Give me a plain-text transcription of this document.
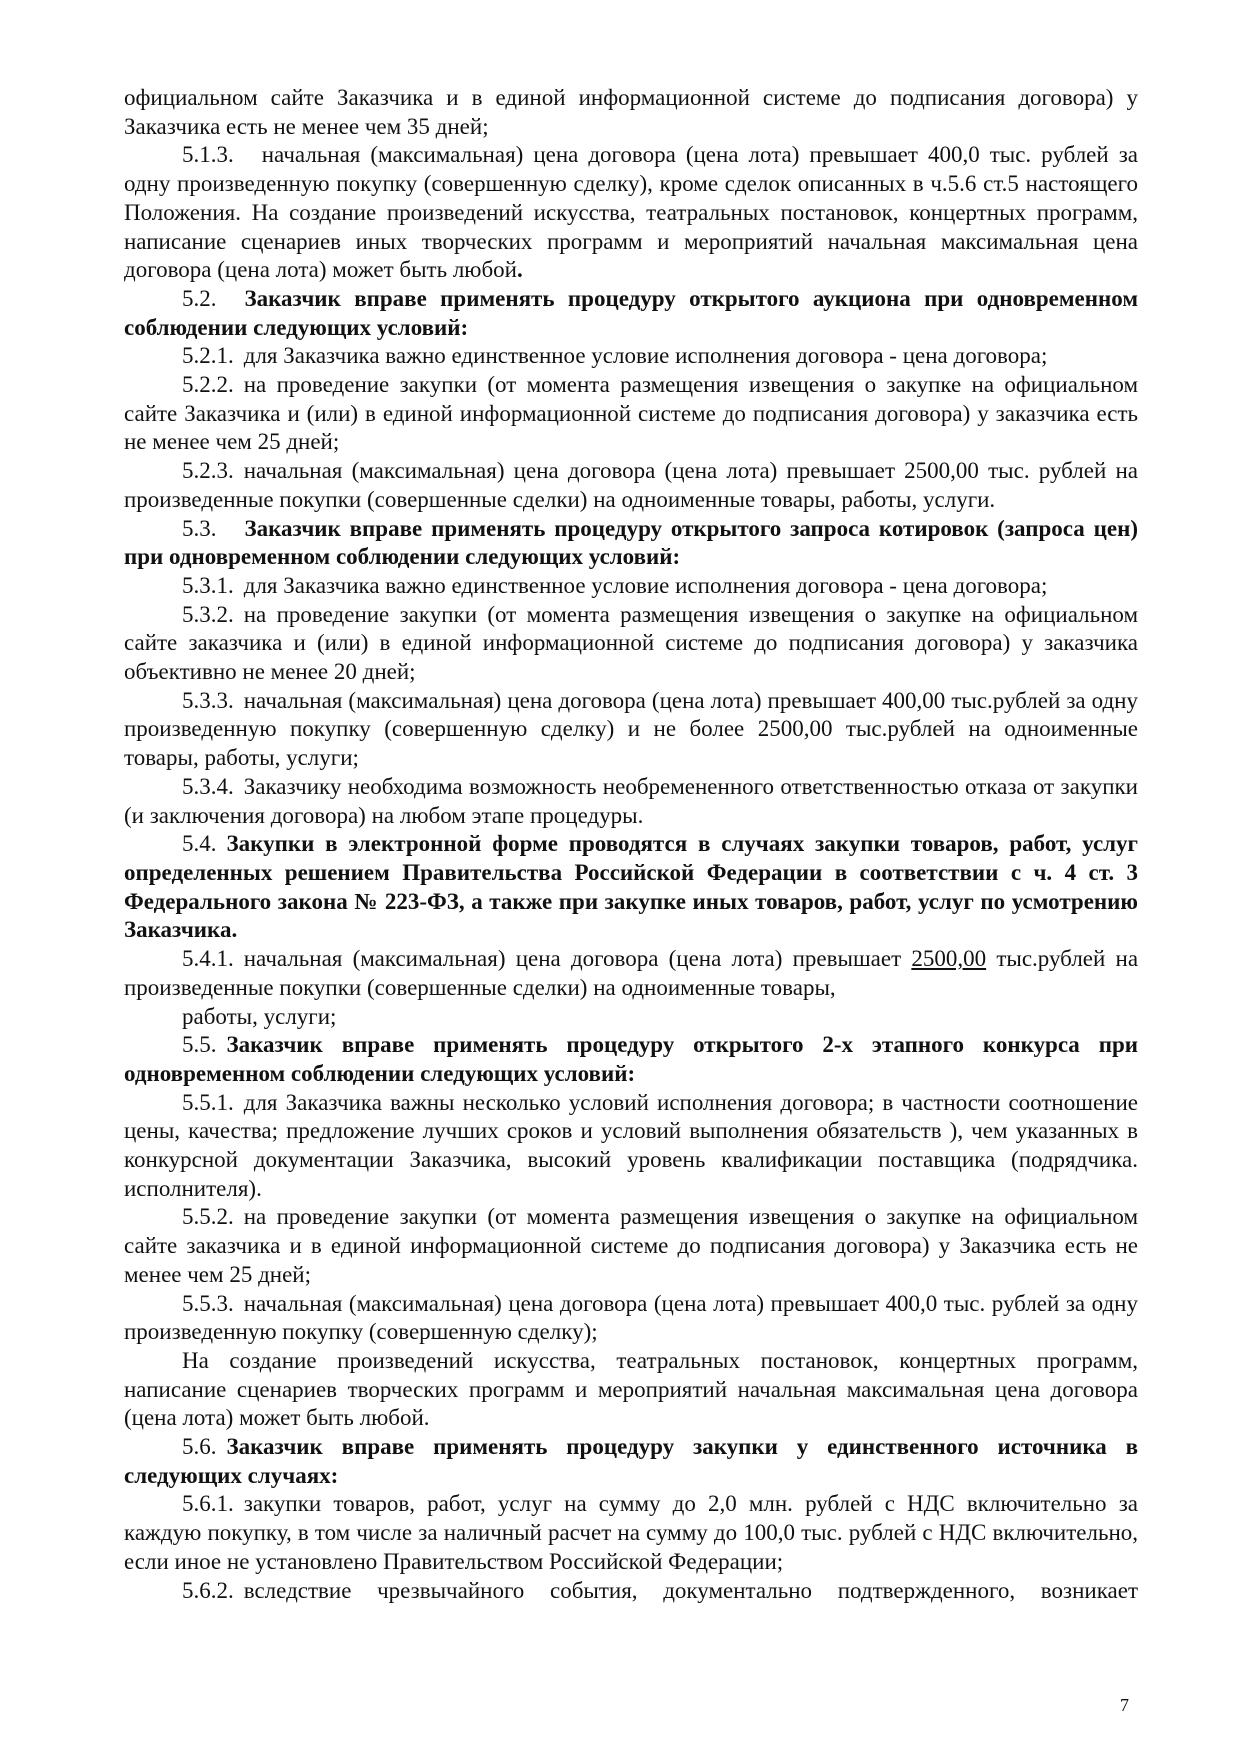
официальном сайте Заказчика и в единой информационной системе до подписания договора) у Заказчика есть не менее чем 35 дней;

5.1.3. начальная (максимальная) цена договора (цена лота) превышает 400,0 тыс. рублей за одну произведенную покупку (совершенную сделку), кроме сделок описанных в ч.5.6 ст.5 настоящего Положения. На создание произведений искусства, театральных постановок, концертных программ, написание сценариев иных творческих программ и мероприятий начальная максимальная цена договора (цена лота) может быть любой.

5.2. Заказчик вправе применять процедуру открытого аукциона при одновременном соблюдении следующих условий:

5.2.1. для Заказчика важно единственное условие исполнения договора - цена договора;

5.2.2. на проведение закупки (от момента размещения извещения о закупке на официальном сайте Заказчика и (или) в единой информационной системе до подписания договора) у заказчика есть не менее чем 25 дней;

5.2.3. начальная (максимальная) цена договора (цена лота) превышает 2500,00 тыс. рублей на произведенные покупки (совершенные сделки) на одноименные товары, работы, услуги.

5.3. Заказчик вправе применять процедуру открытого запроса котировок (запроса цен) при одновременном соблюдении следующих условий:

5.3.1. для Заказчика важно единственное условие исполнения договора - цена договора;

5.3.2. на проведение закупки (от момента размещения извещения о закупке на официальном сайте заказчика и (или) в единой информационной системе до подписания договора) у заказчика объективно не менее 20 дней;

5.3.3. начальная (максимальная) цена договора (цена лота) превышает 400,00 тыс.рублей за одну произведенную покупку (совершенную сделку) и не более 2500,00 тыс.рублей на одноименные товары, работы, услуги;

5.3.4. Заказчику необходима возможность необремененного ответственностью отказа от закупки (и заключения договора) на любом этапе процедуры.

5.4. Закупки в электронной форме проводятся в случаях закупки товаров, работ, услуг определенных решением Правительства Российской Федерации в соответствии с ч. 4 ст. 3 Федерального закона № 223-ФЗ, а также при закупке иных товаров, работ, услуг по усмотрению Заказчика.

5.4.1. начальная (максимальная) цена договора (цена лота) превышает 2500,00 тыс.рублей на произведенные покупки (совершенные сделки) на одноименные товары,

работы, услуги;

5.5. Заказчик вправе применять процедуру открытого 2-х этапного конкурса при одновременном соблюдении следующих условий:

5.5.1. для Заказчика важны несколько условий исполнения договора; в частности соотношение цены, качества; предложение лучших сроков и условий выполнения обязательств ), чем указанных в конкурсной документации Заказчика, высокий уровень квалификации поставщика (подрядчика. исполнителя).

5.5.2. на проведение закупки (от момента размещения извещения о закупке на официальном сайте заказчика и в единой информационной системе до подписания договора) у Заказчика есть не менее чем 25 дней;

5.5.3. начальная (максимальная) цена договора (цена лота) превышает 400,0 тыс. рублей за одну произведенную покупку (совершенную сделку);

На создание произведений искусства, театральных постановок, концертных программ, написание сценариев творческих программ и мероприятий начальная максимальная цена договора (цена лота) может быть любой.

5.6. Заказчик вправе применять процедуру закупки у единственного источника в следующих случаях:

5.6.1. закупки товаров, работ, услуг на сумму до 2,0 млн. рублей с НДС включительно за каждую покупку, в том числе за наличный расчет на сумму до 100,0 тыс. рублей с НДС включительно, если иное не установлено Правительством Российской Федерации;

5.6.2. вследствие чрезвычайного события, документально подтвержденного, возникает

7
